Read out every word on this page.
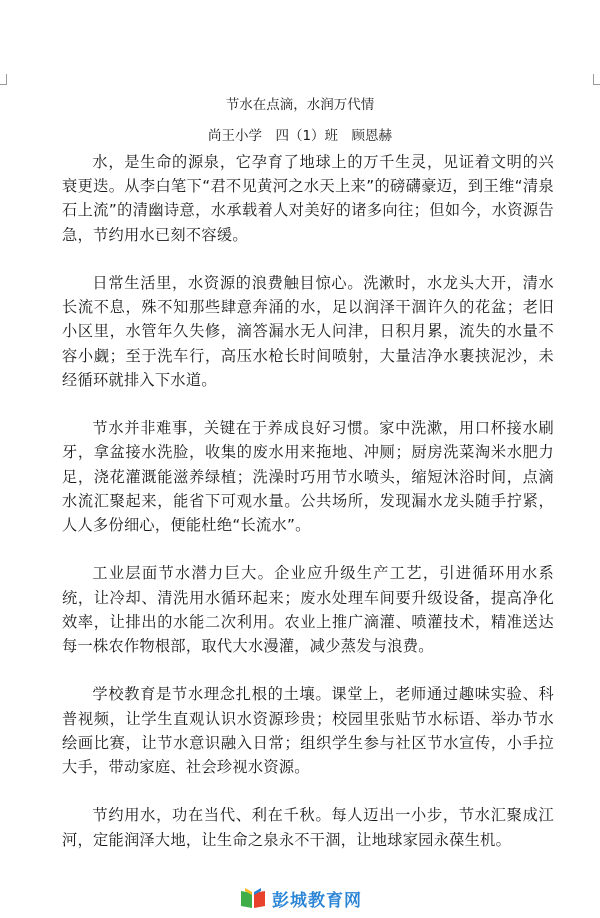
节水在点滴，水润万代情
尚王小学　四（1）班　顾恩赫

水，是生命的源泉，它孕育了地球上的万千生灵，见证着文明的兴衰更迭。从李白笔下“君不见黄河之水天上来”的磅礴豪迈，到王维“清泉石上流”的清幽诗意，水承载着人对美好的诸多向往；但如今，水资源告急，节约用水已刻不容缓。

日常生活里，水资源的浪费触目惊心。洗漱时，水龙头大开，清水长流不息，殊不知那些肆意奔涌的水，足以润泽干涸许久的花盆；老旧小区里，水管年久失修，滴答漏水无人问津，日积月累，流失的水量不容小觑；至于洗车行，高压水枪长时间喷射，大量洁净水裹挟泥沙，未经循环就排入下水道。

节水并非难事，关键在于养成良好习惯。家中洗漱，用口杯接水刷牙，拿盆接水洗脸，收集的废水用来拖地、冲厕；厨房洗菜淘米水肥力足，浇花灌溉能滋养绿植；洗澡时巧用节水喷头，缩短沐浴时间，点滴水流汇聚起来，能省下可观水量。公共场所，发现漏水龙头随手拧紧，人人多份细心，便能杜绝“长流水”。

工业层面节水潜力巨大。企业应升级生产工艺，引进循环用水系统，让冷却、清洗用水循环起来；废水处理车间要升级设备，提高净化效率，让排出的水能二次利用。农业上推广滴灌、喷灌技术，精准送达每一株农作物根部，取代大水漫灌，减少蒸发与浪费。

学校教育是节水理念扎根的土壤。课堂上，老师通过趣味实验、科普视频，让学生直观认识水资源珍贵；校园里张贴节水标语、举办节水绘画比赛，让节水意识融入日常；组织学生参与社区节水宣传，小手拉大手，带动家庭、社会珍视水资源。

节约用水，功在当代、利在千秋。每人迈出一小步，节水汇聚成江河，定能润泽大地，让生命之泉永不干涸，让地球家园永葆生机。

彭城教育网
